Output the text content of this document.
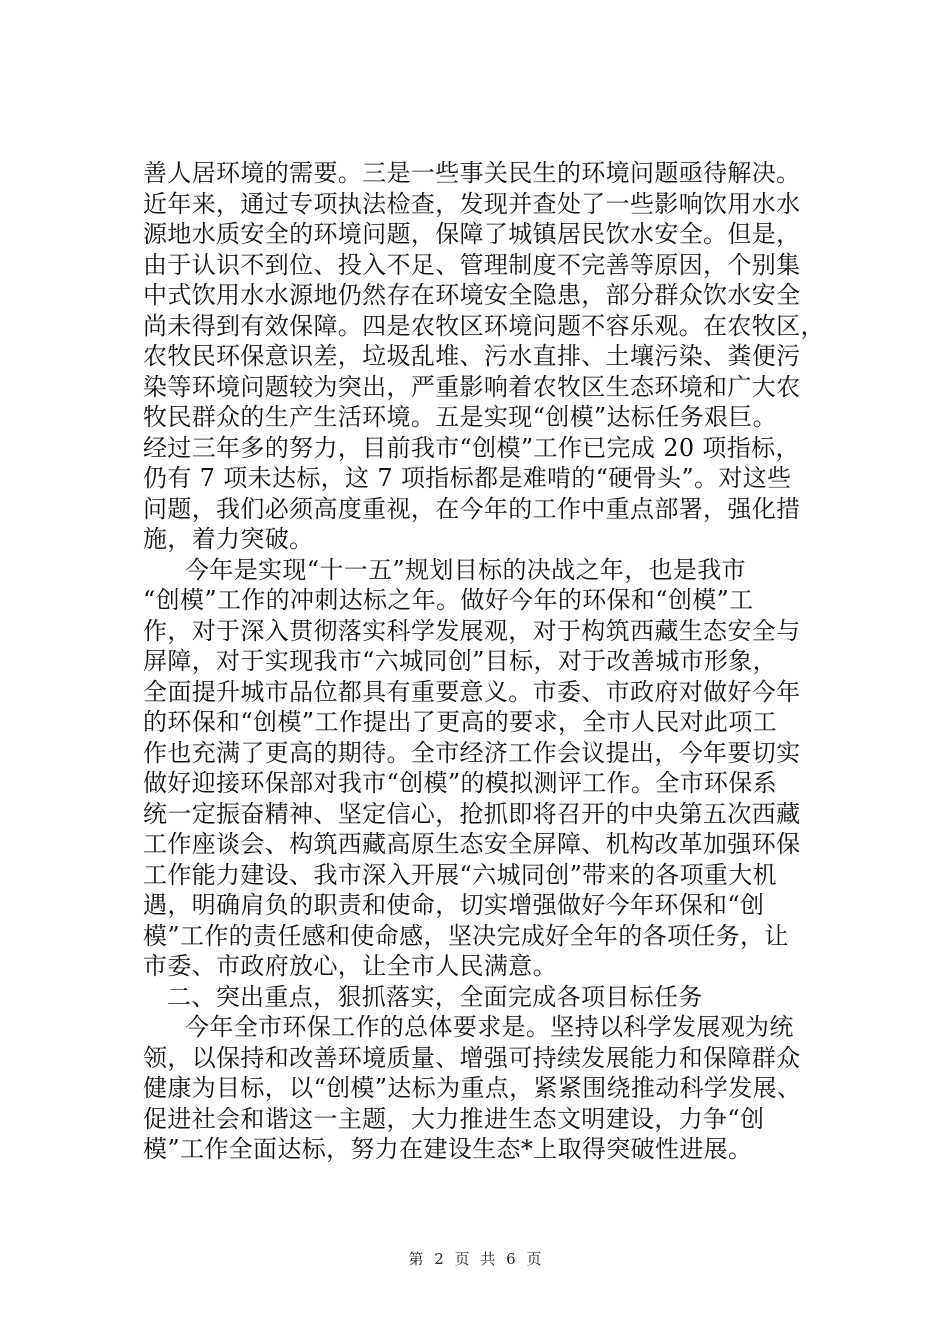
善人居环境的需要。三是一些事关民生的环境问题亟待解决。
近年来，通过专项执法检查，发现并查处了一些影响饮用水水
源地水质安全的环境问题，保障了城镇居民饮水安全。但是，
由于认识不到位、投入不足、管理制度不完善等原因，个别集
中式饮用水水源地仍然存在环境安全隐患，部分群众饮水安全
尚未得到有效保障。四是农牧区环境问题不容乐观。在农牧区，
农牧民环保意识差，垃圾乱堆、污水直排、土壤污染、粪便污
染等环境问题较为突出，严重影响着农牧区生态环境和广大农
牧民群众的生产生活环境。五是实现“创模”达标任务艰巨。
经过三年多的努力，目前我市“创模”工作已完成 20 项指标，
仍有 7 项未达标，这 7 项指标都是难啃的“硬骨头”。对这些
问题，我们必须高度重视，在今年的工作中重点部署，强化措
施，着力突破。
今年是实现“十一五”规划目标的决战之年，也是我市
“创模”工作的冲刺达标之年。做好今年的环保和“创模”工
作，对于深入贯彻落实科学发展观，对于构筑西藏生态安全与
屏障，对于实现我市“六城同创”目标，对于改善城市形象，
全面提升城市品位都具有重要意义。市委、市政府对做好今年
的环保和“创模”工作提出了更高的要求，全市人民对此项工
作也充满了更高的期待。全市经济工作会议提出，今年要切实
做好迎接环保部对我市“创模”的模拟测评工作。全市环保系
统一定振奋精神、坚定信心，抢抓即将召开的中央第五次西藏
工作座谈会、构筑西藏高原生态安全屏障、机构改革加强环保
工作能力建设、我市深入开展“六城同创”带来的各项重大机
遇，明确肩负的职责和使命，切实增强做好今年环保和“创
模”工作的责任感和使命感，坚决完成好全年的各项任务，让
市委、市政府放心，让全市人民满意。
二、突出重点，狠抓落实，全面完成各项目标任务
今年全市环保工作的总体要求是。坚持以科学发展观为统
领，以保持和改善环境质量、增强可持续发展能力和保障群众
健康为目标，以“创模”达标为重点，紧紧围绕推动科学发展、
促进社会和谐这一主题，大力推进生态文明建设，力争“创
模”工作全面达标，努力在建设生态*上取得突破性进展。
第 2 页 共 6 页
